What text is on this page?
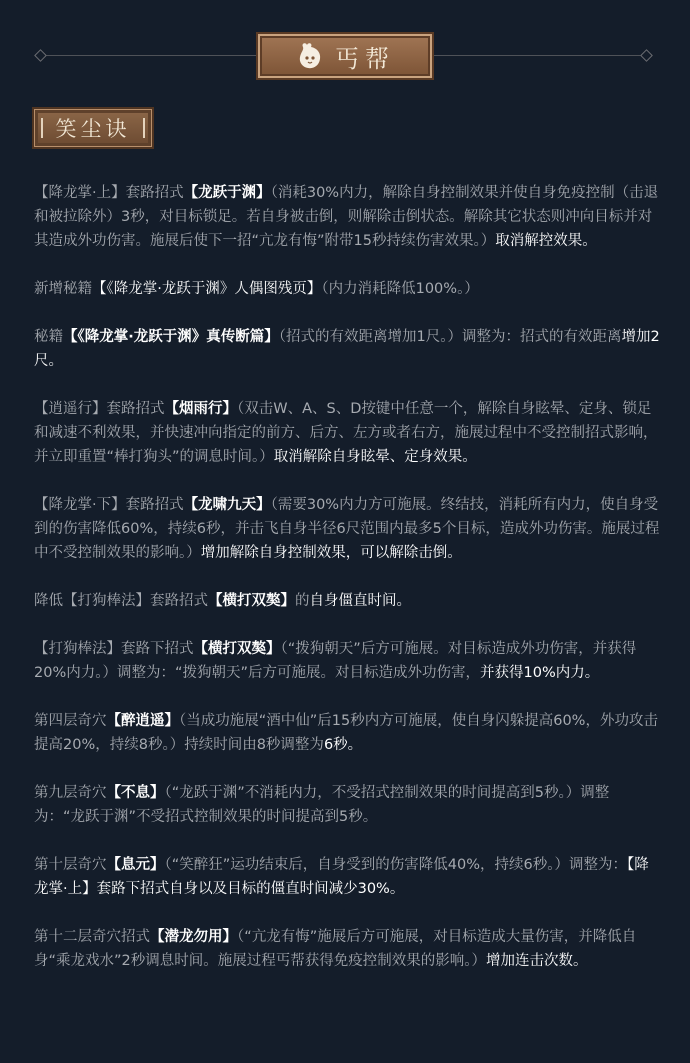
丐帮
笑尘诀

【降龙掌·上】套路招式【龙跃于渊】（消耗30%内力，解除自身控制效果并使自身免疫控制（击退和被拉除外）3秒，对目标锁足。若自身被击倒，则解除击倒状态。解除其它状态则冲向目标并对其造成外功伤害。施展后使下一招“亢龙有悔”附带15秒持续伤害效果。）取消解控效果。

新增秘籍【《降龙掌·龙跃于渊》人偶图残页】（内力消耗降低100%。）

秘籍【《降龙掌·龙跃于渊》真传断篇】（招式的有效距离增加1尺。）调整为：招式的有效距离增加2尺。

【逍遥行】套路招式【烟雨行】（双击W、A、S、D按键中任意一个，解除自身眩晕、定身、锁足和减速不利效果，并快速冲向指定的前方、后方、左方或者右方，施展过程中不受控制招式影响，并立即重置“棒打狗头”的调息时间。）取消解除自身眩晕、定身效果。

【降龙掌·下】套路招式【龙啸九天】（需要30%内力方可施展。终结技，消耗所有内力，使自身受到的伤害降低60%，持续6秒，并击飞自身半径6尺范围内最多5个目标，造成外功伤害。施展过程中不受控制效果的影响。）增加解除自身控制效果，可以解除击倒。

降低【打狗棒法】套路招式【横打双獒】的自身僵直时间。

【打狗棒法】套路下招式【横打双獒】（“拨狗朝天”后方可施展。对目标造成外功伤害，并获得20%内力。）调整为：“拨狗朝天”后方可施展。对目标造成外功伤害，并获得10%内力。

第四层奇穴【醉逍遥】（当成功施展“酒中仙”后15秒内方可施展，使自身闪躲提高60%，外功攻击提高20%，持续8秒。）持续时间由8秒调整为6秒。

第九层奇穴【不息】（“龙跃于渊”不消耗内力，不受招式控制效果的时间提高到5秒。）调整为：“龙跃于渊”不受招式控制效果的时间提高到5秒。

第十层奇穴【息元】（“笑醉狂”运功结束后，自身受到的伤害降低40%，持续6秒。）调整为：【降龙掌·上】套路下招式自身以及目标的僵直时间减少30%。

第十二层奇穴招式【潜龙勿用】（“亢龙有悔”施展后方可施展，对目标造成大量伤害，并降低自身“乘龙戏水”2秒调息时间。施展过程丐帮获得免疫控制效果的影响。）增加连击次数。
